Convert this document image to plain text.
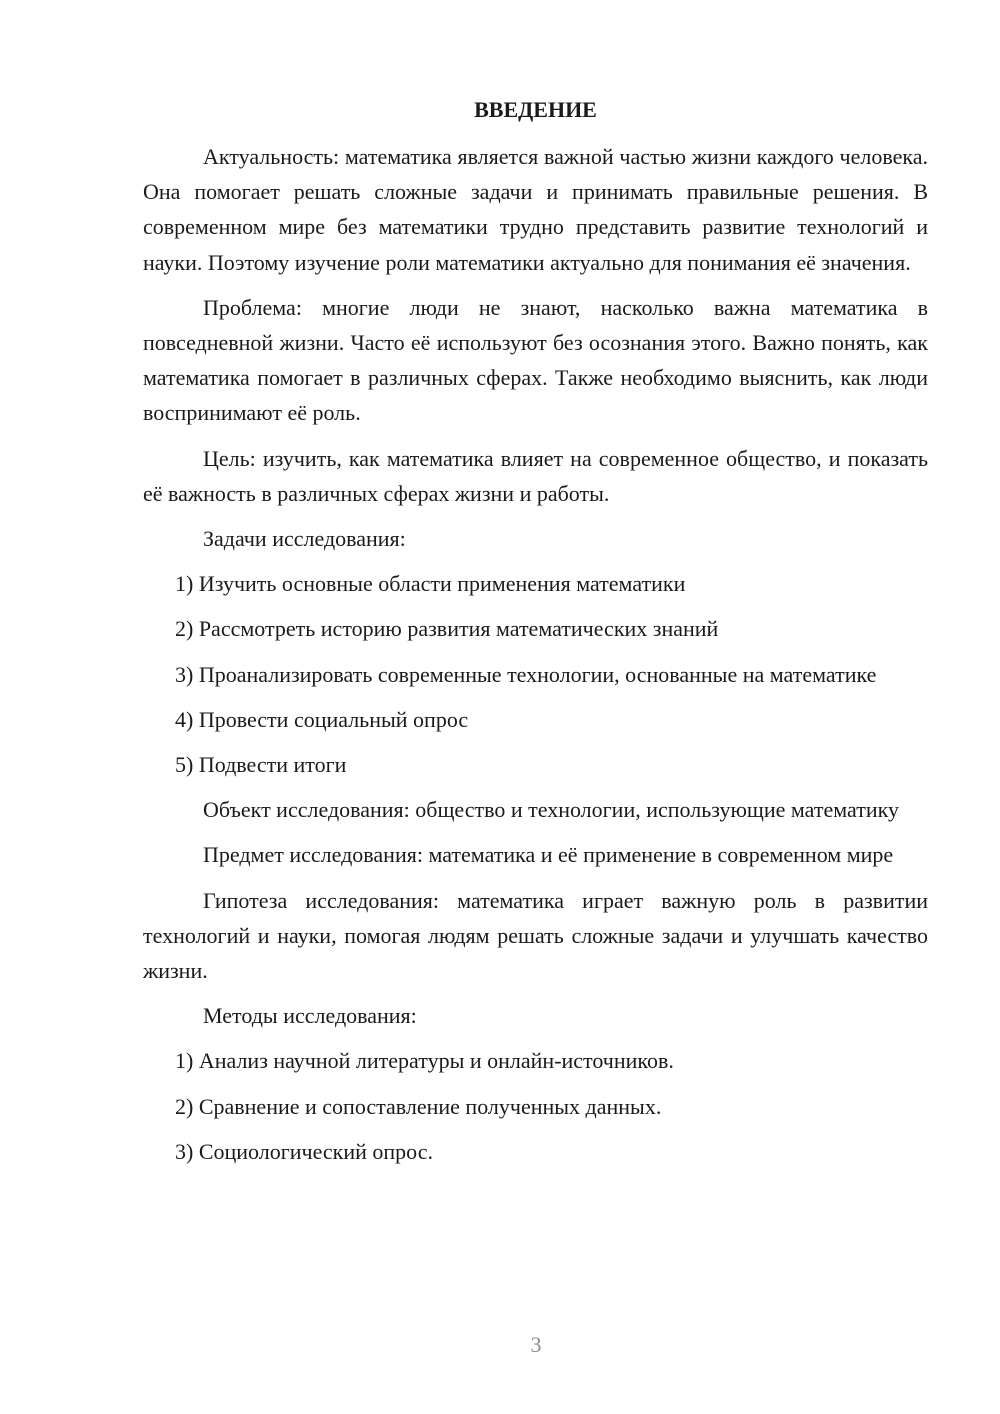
ВВЕДЕНИЕ

Актуальность: математика является важной частью жизни каждого человека. Она помогает решать сложные задачи и принимать правильные решения. В современном мире без математики трудно представить развитие технологий и науки. Поэтому изучение роли математики актуально для понимания её значения.

Проблема: многие люди не знают, насколько важна математика в повседневной жизни. Часто её используют без осознания этого. Важно понять, как математика помогает в различных сферах. Также необходимо выяснить, как люди воспринимают её роль.

Цель: изучить, как математика влияет на современное общество, и показать её важность в различных сферах жизни и работы.

Задачи исследования:

1) Изучить основные области применения математики

2) Рассмотреть историю развития математических знаний

3) Проанализировать современные технологии, основанные на математике

4) Провести социальный опрос

5) Подвести итоги

Объект исследования: общество и технологии, использующие математику

Предмет исследования: математика и её применение в современном мире

Гипотеза исследования: математика играет важную роль в развитии технологий и науки, помогая людям решать сложные задачи и улучшать качество жизни.

Методы исследования:

1) Анализ научной литературы и онлайн-источников.

2) Сравнение и сопоставление полученных данных.

3) Социологический опрос.

3
